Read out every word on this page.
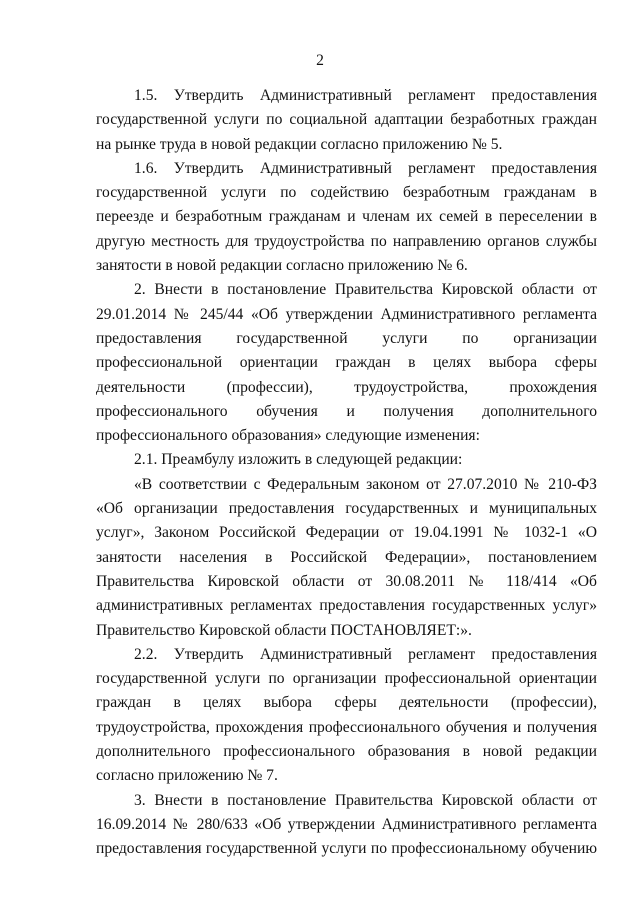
2

1.5. Утвердить Административный регламент предоставления государственной услуги по социальной адаптации безработных граждан на рынке труда в новой редакции согласно приложению № 5.

1.6. Утвердить Административный регламент предоставления государственной услуги по содействию безработным гражданам в переезде и безработным гражданам и членам их семей в переселении в другую местность для трудоустройства по направлению органов службы занятости в новой редакции согласно приложению № 6.

2. Внести в постановление Правительства Кировской области от 29.01.2014 № 245/44 «Об утверждении Административного регламента предоставления государственной услуги по организации профессиональной ориентации граждан в целях выбора сферы деятельности (профессии), трудоустройства, прохождения профессионального обучения и получения дополнительного профессионального образования» следующие изменения:

2.1. Преамбулу изложить в следующей редакции:

«В соответствии с Федеральным законом от 27.07.2010 № 210-ФЗ «Об организации предоставления государственных и муниципальных услуг», Законом Российской Федерации от 19.04.1991 № 1032-1 «О занятости населения в Российской Федерации», постановлением Правительства Кировской области от 30.08.2011 № 118/414 «Об административных регламентах предоставления государственных услуг» Правительство Кировской области ПОСТАНОВЛЯЕТ:».

2.2. Утвердить Административный регламент предоставления государственной услуги по организации профессиональной ориентации граждан в целях выбора сферы деятельности (профессии), трудоустройства, прохождения профессионального обучения и получения дополнительного профессионального образования в новой редакции согласно приложению № 7.

3. Внести в постановление Правительства Кировской области от 16.09.2014 № 280/633 «Об утверждении Административного регламента предоставления государственной услуги по профессиональному обучению
